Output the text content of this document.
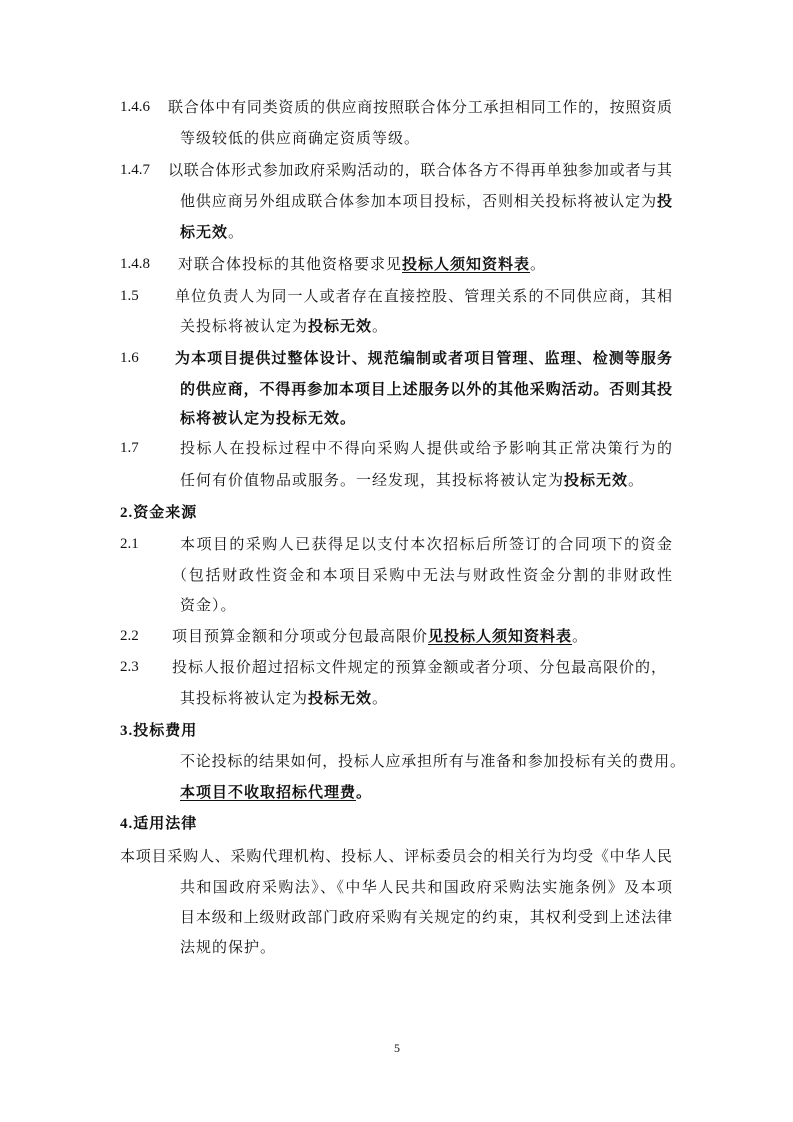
1.4.6 联合体中有同类资质的供应商按照联合体分工承担相同工作的，按照资质
等级较低的供应商确定资质等级。
1.4.7 以联合体形式参加政府采购活动的，联合体各方不得再单独参加或者与其
他供应商另外组成联合体参加本项目投标，否则相关投标将被认定为投
标无效。
1.4.8 对联合体投标的其他资格要求见投标人须知资料表。
1.5 单位负责人为同一人或者存在直接控股、管理关系的不同供应商，其相
关投标将被认定为投标无效。
1.6 为本项目提供过整体设计、规范编制或者项目管理、监理、检测等服务
的供应商，不得再参加本项目上述服务以外的其他采购活动。否则其投
标将被认定为投标无效。
1.7	投标人在投标过程中不得向采购人提供或给予影响其正常决策行为的
任何有价值物品或服务。一经发现，其投标将被认定为投标无效。
2.资金来源
2.1	本项目的采购人已获得足以支付本次招标后所签订的合同项下的资金
（包括财政性资金和本项目采购中无法与财政性资金分割的非财政性
资金）。
2.2 项目预算金额和分项或分包最高限价见投标人须知资料表。
2.3 投标人报价超过招标文件规定的预算金额或者分项、分包最高限价的，
其投标将被认定为投标无效。
3.投标费用
不论投标的结果如何，投标人应承担所有与准备和参加投标有关的费用。
本项目不收取招标代理费。
4.适用法律
本项目采购人、采购代理机构、投标人、评标委员会的相关行为均受《中华人民
共和国政府采购法》、《中华人民共和国政府采购法实施条例》及本项
目本级和上级财政部门政府采购有关规定的约束，其权利受到上述法律
法规的保护。
5
